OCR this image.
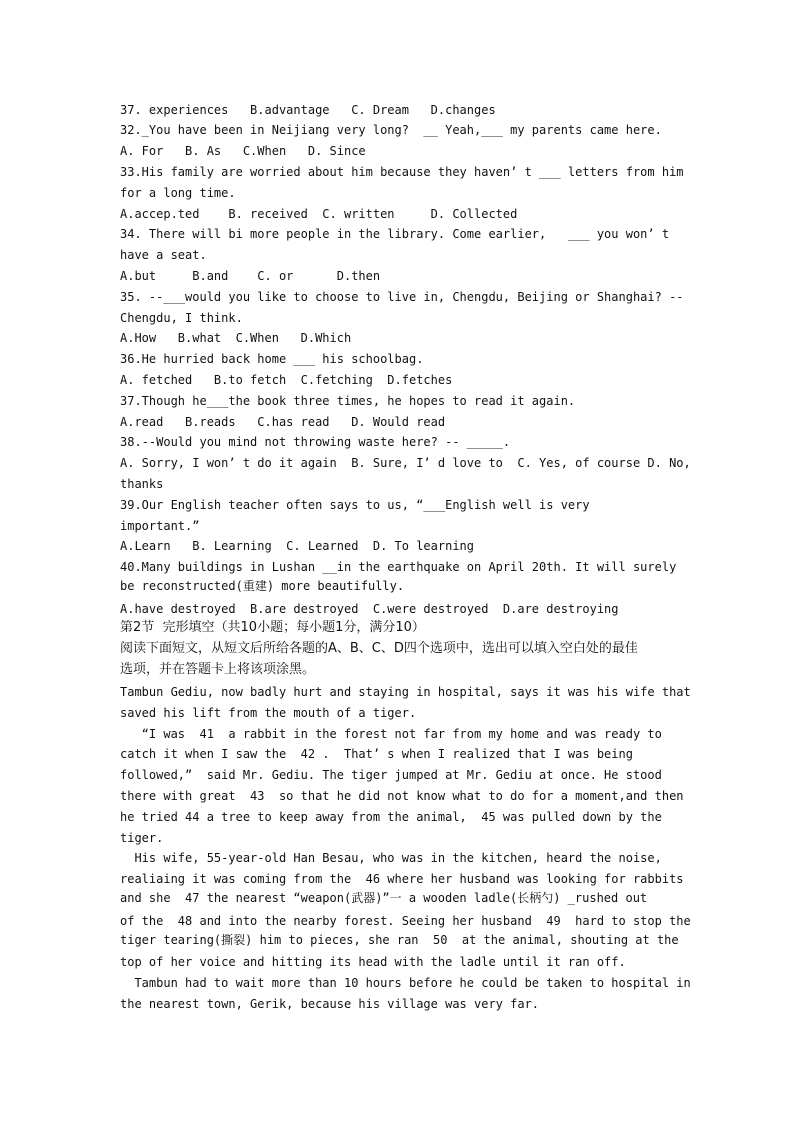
37. experiences   B.advantage   C. Dream   D.changes
32._You have been in Neijiang very long?  __ Yeah,___ my parents came here.
A. For   B. As   C.When   D. Since
33.His family are worried about him because they haven’ t ___ letters from him
for a long time.
A.accep.ted    B. received  C. written     D. Collected
34. There will bi more people in the library. Come earlier,   ___ you won’ t
have a seat.
A.but     B.and    C. or      D.then
35. --___would you like to choose to live in, Chengdu, Beijing or Shanghai? --
Chengdu, I think.
A.How   B.what  C.When   D.Which
36.He hurried back home ___ his schoolbag.
A. fetched   B.to fetch  C.fetching  D.fetches
37.Though he___the book three times, he hopes to read it again.
A.read   B.reads   C.has read   D. Would read
38.--Would you mind not throwing waste here? -- _____.
A. Sorry, I won’ t do it again  B. Sure, I’ d love to  C. Yes, of course D. No,
thanks
39.Our English teacher often says to us, “___English well is very
important.”
A.Learn   B. Learning  C. Learned  D. To learning
40.Many buildings in Lushan __in the earthquake on April 20th. It will surely
be reconstructed(重建) more beautifully.
A.have destroyed  B.are destroyed  C.were destroyed  D.are destroying
第2节  完形填空（共10小题；每小题1分，满分10）
阅读下面短文，从短文后所给各题的A、B、C、D四个选项中，选出可以填入空白处的最佳
选项，并在答题卡上将该项涂黑。
Tambun Gediu, now badly hurt and staying in hospital, says it was his wife that
saved his lift from the mouth of a tiger.
“I was  41  a rabbit in the forest not far from my home and was ready to
catch it when I saw the  42 .  That’ s when I realized that I was being
followed,”  said Mr. Gediu. The tiger jumped at Mr. Gediu at once. He stood
there with great  43  so that he did not know what to do for a moment,and then
he tried 44 a tree to keep away from the animal,  45 was pulled down by the
tiger.
His wife, 55-year-old Han Besau, who was in the kitchen, heard the noise,
realiaing it was coming from the  46 where her husband was looking for rabbits
and she  47 the nearest “weapon(武器)”一 a wooden ladle(长柄勺) _rushed out
of the  48 and into the nearby forest. Seeing her husband  49  hard to stop the
tiger tearing(撕裂) him to pieces, she ran  50  at the animal, shouting at the
top of her voice and hitting its head with the ladle until it ran off.
Tambun had to wait more than 10 hours before he could be taken to hospital in
the nearest town, Gerik, because his village was very far.
